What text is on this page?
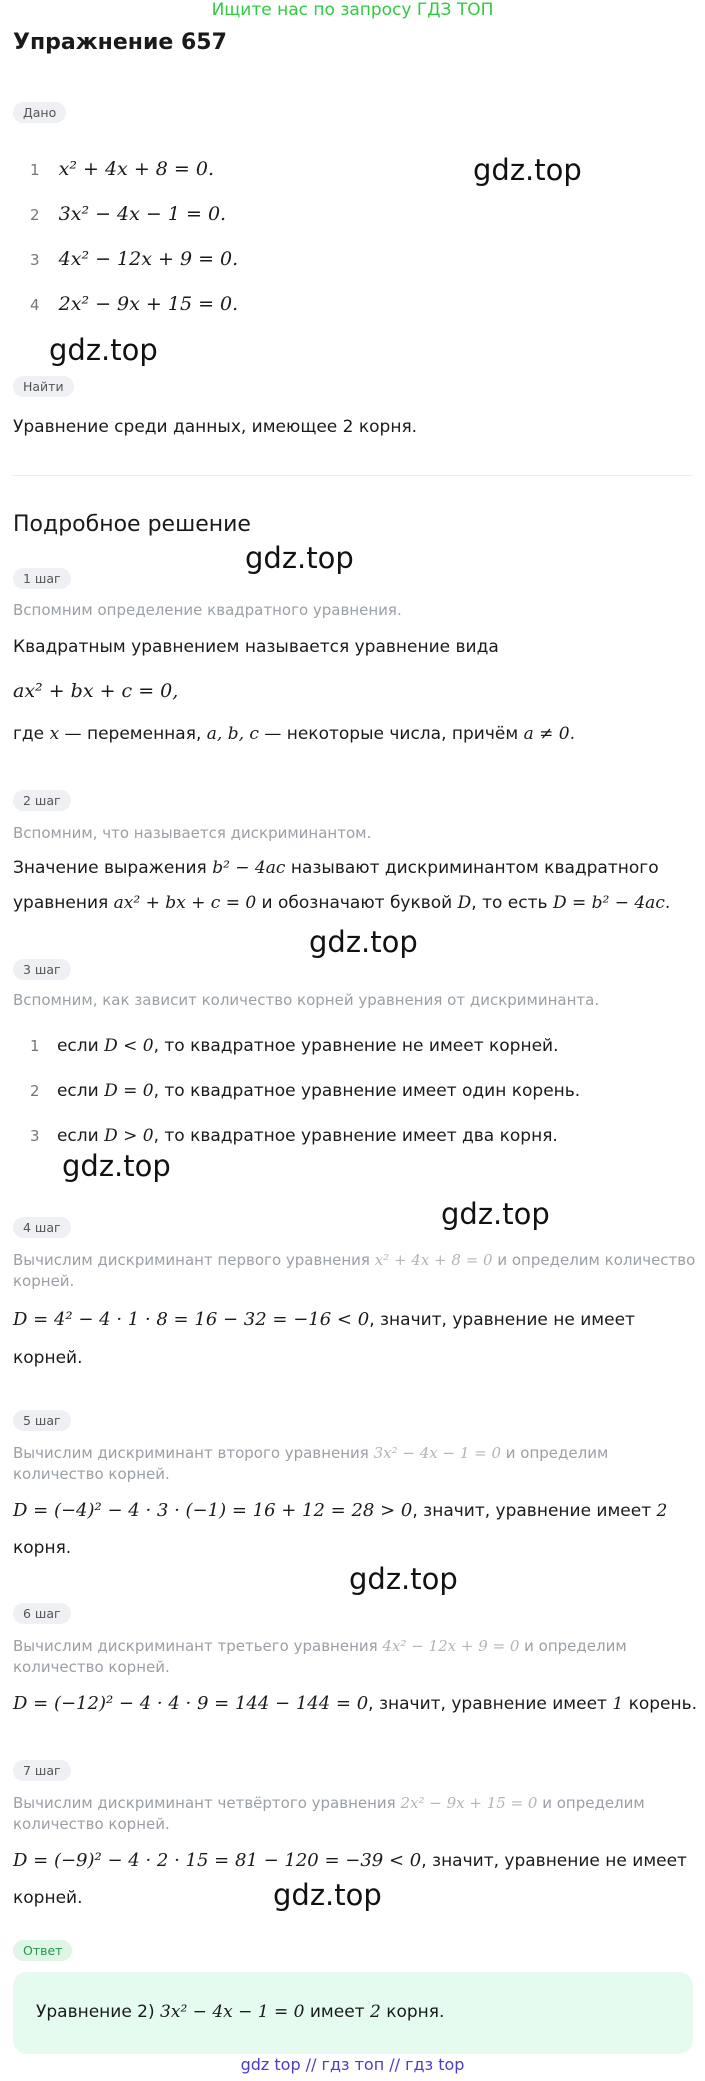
Ищите нас по запросу ГДЗ ТОП
Упражнение 657
Дано
1 x² + 4x + 8 = 0.
2 3x² − 4x − 1 = 0.
3 4x² − 12x + 9 = 0.
4 2x² − 9x + 15 = 0.
Найти
Уравнение среди данных, имеющее 2 корня.
Подробное решение
1 шаг
Вспомним определение квадратного уравнения.
Квадратным уравнением называется уравнение вида
ax² + bx + c = 0,
где x — переменная, a, b, c — некоторые числа, причём a ≠ 0.
2 шаг
Вспомним, что называется дискриминантом.
Значение выражения b² − 4ac называют дискриминантом квадратного
уравнения ax² + bx + c = 0 и обозначают буквой D, то есть D = b² − 4ac.
3 шаг
Вспомним, как зависит количество корней уравнения от дискриминанта.
1 если D < 0, то квадратное уравнение не имеет корней.
2 если D = 0, то квадратное уравнение имеет один корень.
3 если D > 0, то квадратное уравнение имеет два корня.
4 шаг
Вычислим дискриминант первого уравнения x² + 4x + 8 = 0 и определим количество
корней.
D = 4² − 4 · 1 · 8 = 16 − 32 = −16 < 0, значит, уравнение не имеет
корней.
5 шаг
Вычислим дискриминант второго уравнения 3x² − 4x − 1 = 0 и определим
количество корней.
D = (−4)² − 4 · 3 · (−1) = 16 + 12 = 28 > 0, значит, уравнение имеет 2
корня.
6 шаг
Вычислим дискриминант третьего уравнения 4x² − 12x + 9 = 0 и определим
количество корней.
D = (−12)² − 4 · 4 · 9 = 144 − 144 = 0, значит, уравнение имеет 1 корень.
7 шаг
Вычислим дискриминант четвёртого уравнения 2x² − 9x + 15 = 0 и определим
количество корней.
D = (−9)² − 4 · 2 · 15 = 81 − 120 = −39 < 0, значит, уравнение не имеет
корней.
Ответ
Уравнение 2) 3x² − 4x − 1 = 0 имеет 2 корня.
gdz top // гдз топ // гдз top
gdz.top
gdz.top
gdz.top
gdz.top
gdz.top
gdz.top
gdz.top
gdz.top
